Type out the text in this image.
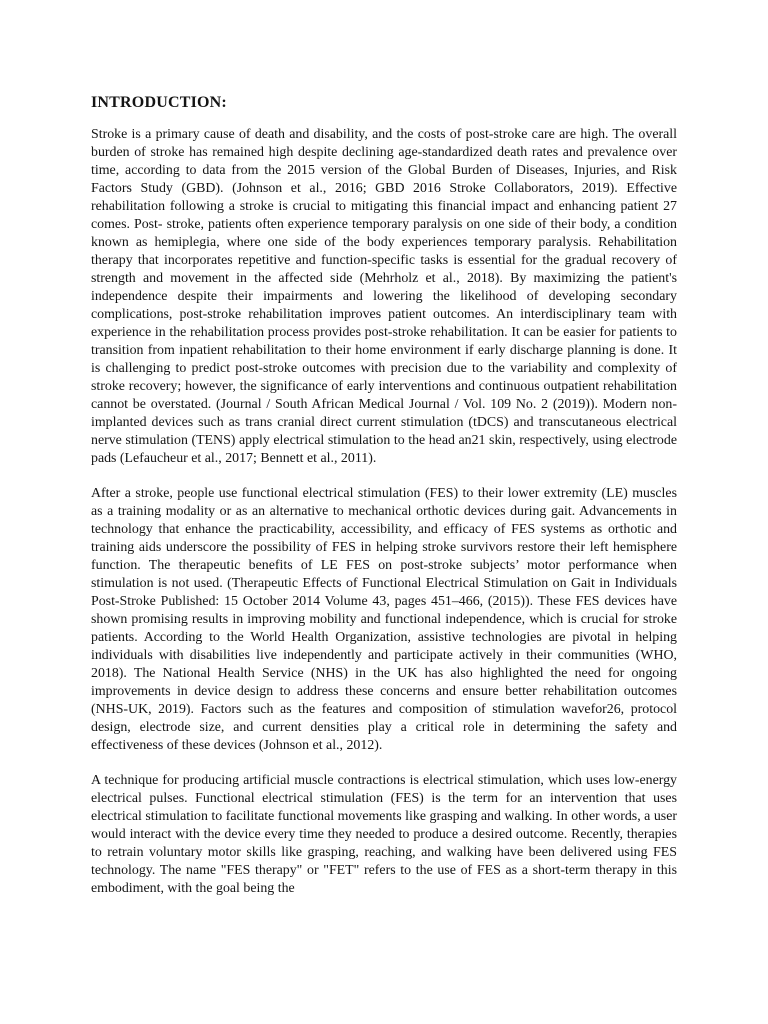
INTRODUCTION:

Stroke is a primary cause of death and disability, and the costs of post-stroke care are high. The overall burden of stroke has remained high despite declining age-standardized death rates and prevalence over time, according to data from the 2015 version of the Global Burden of Diseases, Injuries, and Risk Factors Study (GBD). (Johnson et al., 2016; GBD 2016 Stroke Collaborators, 2019). Effective rehabilitation following a stroke is crucial to mitigating this financial impact and enhancing patient 27 comes. Post- stroke, patients often experience temporary paralysis on one side of their body, a condition known as hemiplegia, where one side of the body experiences temporary paralysis. Rehabilitation therapy that incorporates repetitive and function-specific tasks is essential for the gradual recovery of strength and movement in the affected side (Mehrholz et al., 2018). By maximizing the patient's independence despite their impairments and lowering the likelihood of developing secondary complications, post-stroke rehabilitation improves patient outcomes. An interdisciplinary team with experience in the rehabilitation process provides post-stroke rehabilitation. It can be easier for patients to transition from inpatient rehabilitation to their home environment if early discharge planning is done. It is challenging to predict post-stroke outcomes with precision due to the variability and complexity of stroke recovery; however, the significance of early interventions and continuous outpatient rehabilitation cannot be overstated. (Journal / South African Medical Journal / Vol. 109 No. 2 (2019)). Modern non-implanted devices such as trans cranial direct current stimulation (tDCS) and transcutaneous electrical nerve stimulation (TENS) apply electrical stimulation to the head an21 skin, respectively, using electrode pads (Lefaucheur et al., 2017; Bennett et al., 2011).

After a stroke, people use functional electrical stimulation (FES) to their lower extremity (LE) muscles as a training modality or as an alternative to mechanical orthotic devices during gait. Advancements in technology that enhance the practicability, accessibility, and efficacy of FES systems as orthotic and training aids underscore the possibility of FES in helping stroke survivors restore their left hemisphere function. The therapeutic benefits of LE FES on post-stroke subjects’ motor performance when stimulation is not used. (Therapeutic Effects of Functional Electrical Stimulation on Gait in Individuals Post-Stroke Published: 15 October 2014 Volume 43, pages 451–466, (2015)). These FES devices have shown promising results in improving mobility and functional independence, which is crucial for stroke patients. According to the World Health Organization, assistive technologies are pivotal in helping individuals with disabilities live independently and participate actively in their communities (WHO, 2018). The National Health Service (NHS) in the UK has also highlighted the need for ongoing improvements in device design to address these concerns and ensure better rehabilitation outcomes (NHS-UK, 2019). Factors such as the features and composition of stimulation wavefor26, protocol design, electrode size, and current densities play a critical role in determining the safety and effectiveness of these devices (Johnson et al., 2012).

A technique for producing artificial muscle contractions is electrical stimulation, which uses low-energy electrical pulses. Functional electrical stimulation (FES) is the term for an intervention that uses electrical stimulation to facilitate functional movements like grasping and walking. In other words, a user would interact with the device every time they needed to produce a desired outcome. Recently, therapies to retrain voluntary motor skills like grasping, reaching, and walking have been delivered using FES technology. The name "FES therapy" or "FET" refers to the use of FES as a short-term therapy in this embodiment, with the goal being the
